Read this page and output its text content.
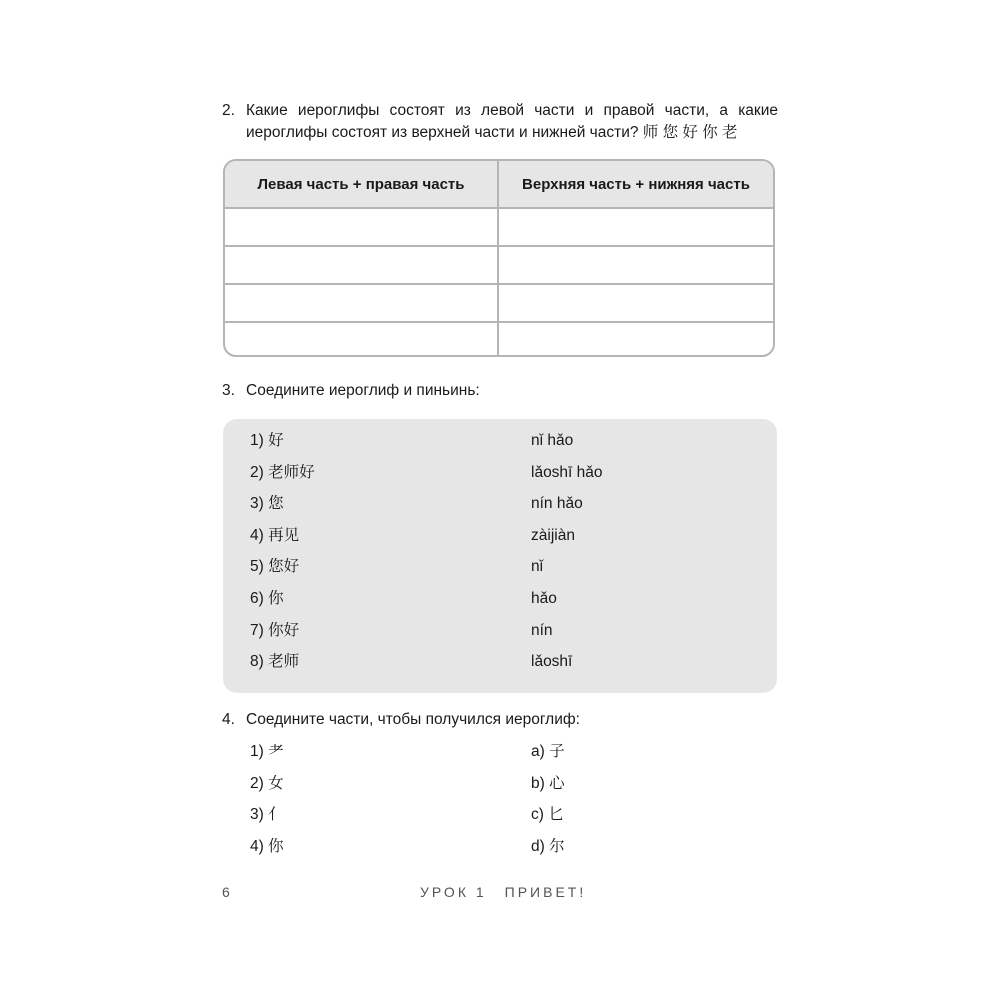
2. Какие иероглифы состоят из левой части и правой части, а какие иероглифы состоят из верхней части и нижней части? 师 您 好 你 老
Левая часть + правая часть	Верхняя часть + нижняя часть
3. Соедините иероглиф и пиньинь:
1) 好
2) 老师好
3) 您
4) 再见
5) 您好
6) 你
7) 你好
8) 老师
nǐ hǎo
lǎoshī hǎo
nín hǎo
zàijiàn
nǐ
hǎo
nín
lǎoshī
4. Соедините части, чтобы получился иероглиф:
1) 耂
2) 女
3) 亻
4) 你
a) 子
b) 心
c) 匕
d) 尔
6	УРОК 1 ПРИВЕТ!
